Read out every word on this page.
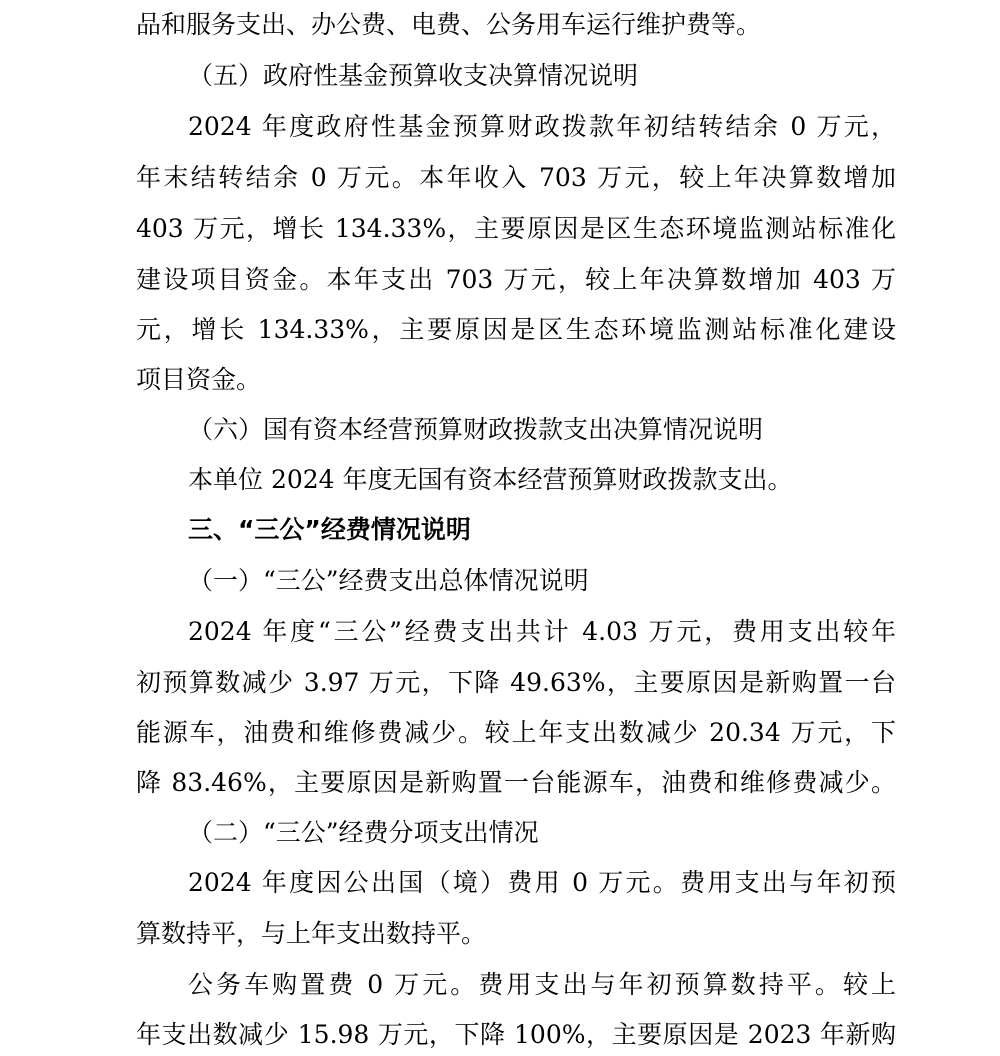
品和服务支出、办公费、电费、公务用车运行维护费等。
（五）政府性基金预算收支决算情况说明
2024 年度政府性基金预算财政拨款年初结转结余 0 万元，
年末结转结余 0 万元。本年收入 703 万元，较上年决算数增加
403 万元，增长 134.33%，主要原因是区生态环境监测站标准化
建设项目资金。本年支出 703 万元，较上年决算数增加 403 万
元，增长 134.33%，主要原因是区生态环境监测站标准化建设
项目资金。
（六）国有资本经营预算财政拨款支出决算情况说明
本单位 2024 年度无国有资本经营预算财政拨款支出。
三、“三公”经费情况说明
（一）“三公”经费支出总体情况说明
2024 年度“三公”经费支出共计 4.03 万元，费用支出较年
初预算数减少 3.97 万元，下降 49.63%，主要原因是新购置一台
能源车，油费和维修费减少。较上年支出数减少 20.34 万元，下
降 83.46%，主要原因是新购置一台能源车，油费和维修费减少。
（二）“三公”经费分项支出情况
2024 年度因公出国（境）费用 0 万元。费用支出与年初预
算数持平，与上年支出数持平。
公务车购置费 0 万元。费用支出与年初预算数持平。较上
年支出数减少 15.98 万元，下降 100%，主要原因是 2023 年新购
